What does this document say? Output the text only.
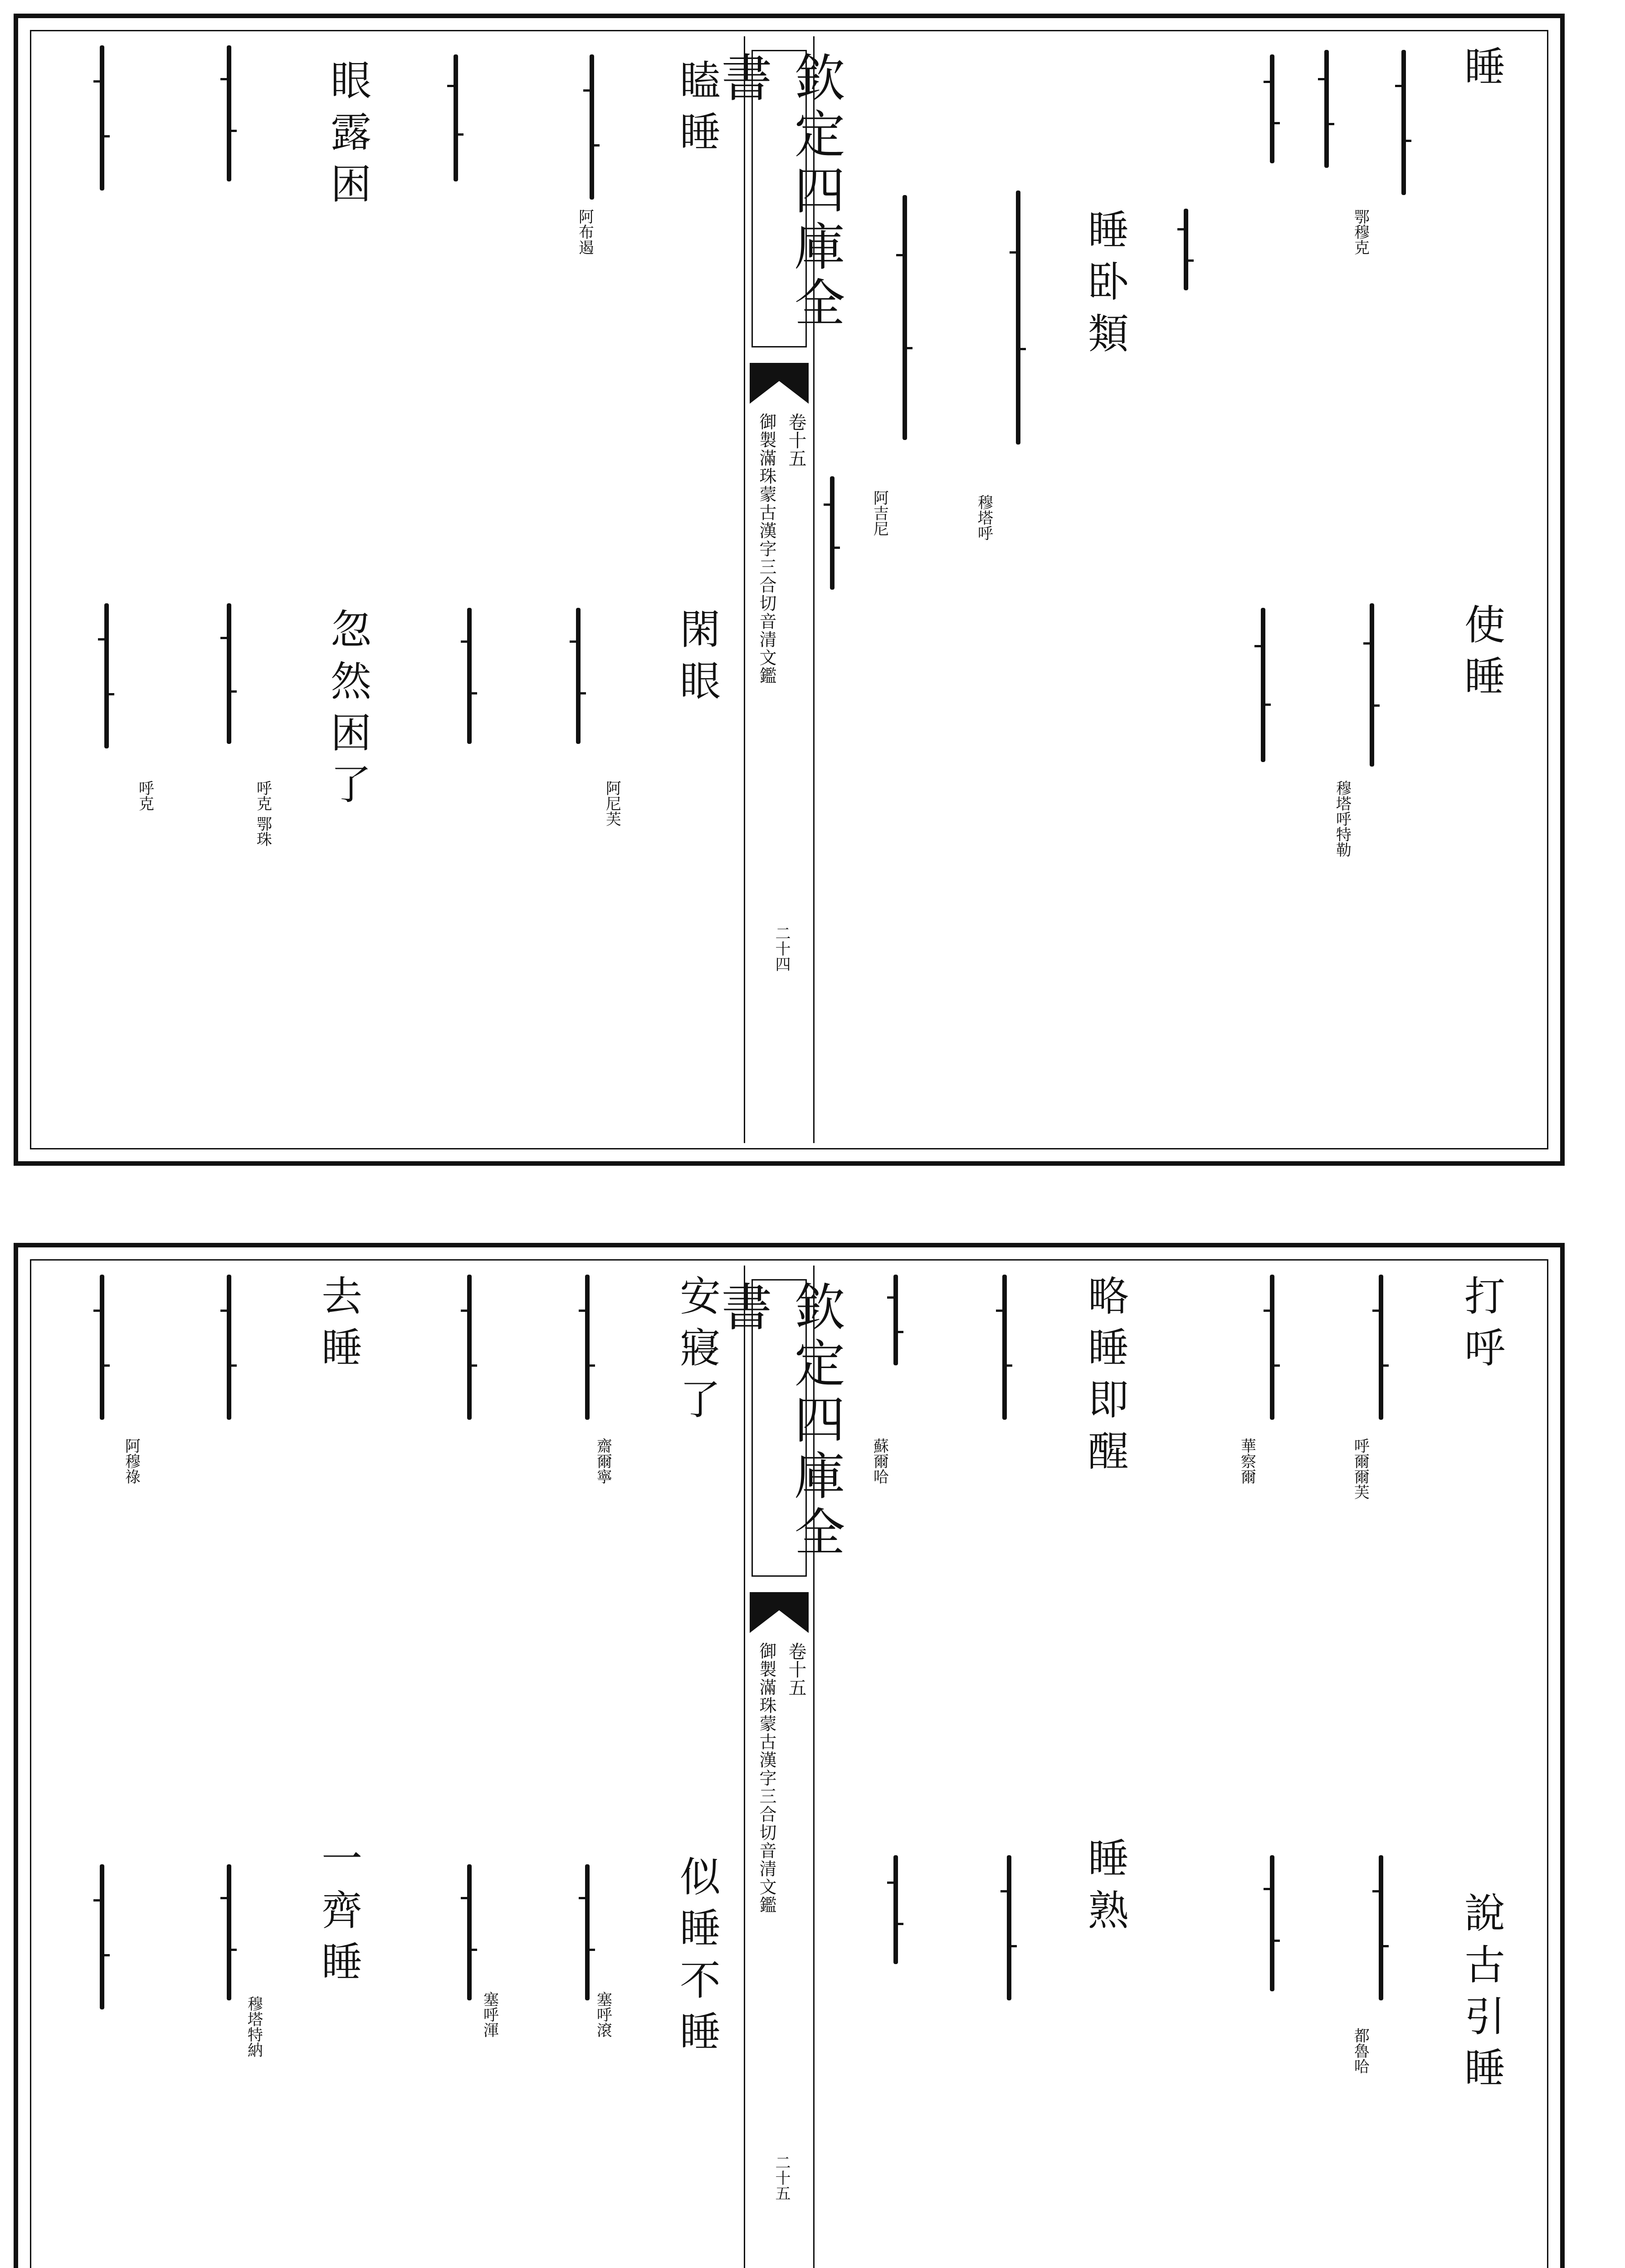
欽定四庫全書
御製滿珠蒙古漢字三合切音清文鑑 卷十五
二十四
睡
睡卧類
使睡
瞌睡
閑眼
眼露困
忽然困了
鄂穆克
穆塔呼
阿吉尼
穆塔呼特勒
阿布遏
阿尼芙
呼克	呼克 鄂珠
欽定四庫全書
御製滿珠蒙古漢字三合切音清文鑑 卷十五
二十五
打呼
說古引睡
略睡即醒
睡熟
安寢了
似睡不睡
去睡
一齊睡
呼爾爾芙
華察爾
都魯哈
蘇爾哈
齋爾寧
塞呼渾	塞呼滾
阿穆祿
穆塔特納
